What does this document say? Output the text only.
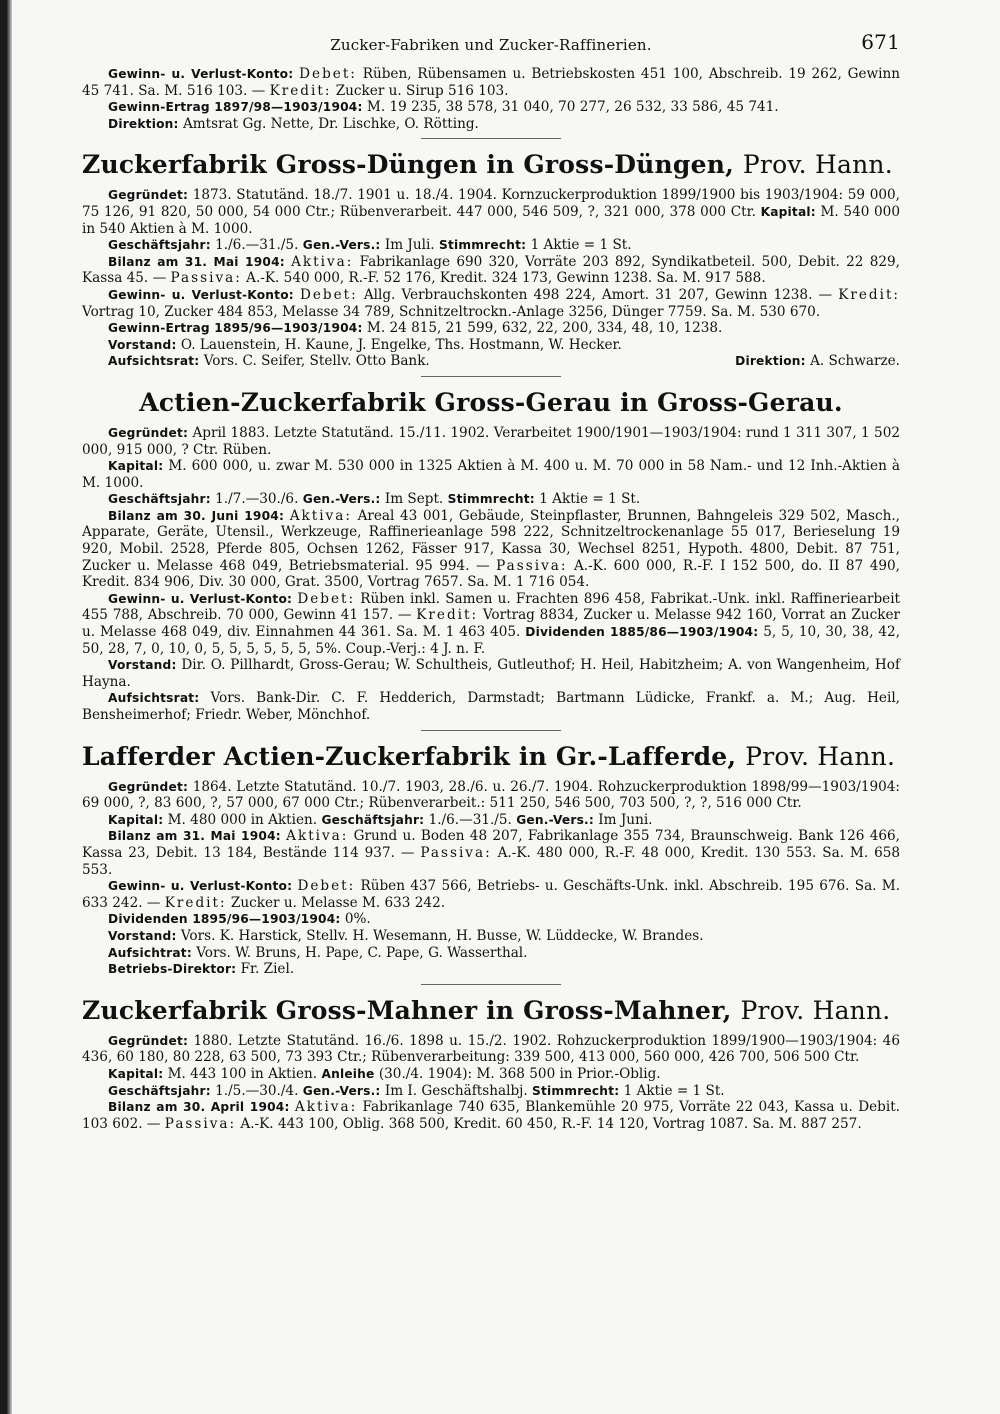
Zucker-Fabriken und Zucker-Raffinerien.	671

Gewinn- u. Verlust-Konto: Debet: Rüben, Rübensamen u. Betriebskosten 451 100, Abschreib. 19 262, Gewinn 45 741. Sa. M. 516 103. — Kredit: Zucker u. Sirup 516 103.

Gewinn-Ertrag 1897/98—1903/1904: M. 19 235, 38 578, 31 040, 70 277, 26 532, 33 586, 45 741.

Direktion: Amtsrat Gg. Nette, Dr. Lischke, O. Rötting.

Zuckerfabrik Gross-Düngen in Gross-Düngen, Prov. Hann.

Gegründet: 1873. Statutänd. 18./7. 1901 u. 18./4. 1904. Kornzuckerproduktion 1899/1900 bis 1903/1904: 59 000, 75 126, 91 820, 50 000, 54 000 Ctr.; Rübenverarbeit. 447 000, 546 509, ?, 321 000, 378 000 Ctr. Kapital: M. 540 000 in 540 Aktien à M. 1000.

Geschäftsjahr: 1./6.—31./5. Gen.-Vers.: Im Juli. Stimmrecht: 1 Aktie = 1 St.

Bilanz am 31. Mai 1904: Aktiva: Fabrikanlage 690 320, Vorräte 203 892, Syndikatbeteil. 500, Debit. 22 829, Kassa 45. — Passiva: A.-K. 540 000, R.-F. 52 176, Kredit. 324 173, Gewinn 1238. Sa. M. 917 588.

Gewinn- u. Verlust-Konto: Debet: Allg. Verbrauchskonten 498 224, Amort. 31 207, Gewinn 1238. — Kredit: Vortrag 10, Zucker 484 853, Melasse 34 789, Schnitzeltrockn.-Anlage 3256, Dünger 7759. Sa. M. 530 670.

Gewinn-Ertrag 1895/96—1903/1904: M. 24 815, 21 599, 632, 22, 200, 334, 48, 10, 1238.

Vorstand: O. Lauenstein, H. Kaune, J. Engelke, Ths. Hostmann, W. Hecker.

Aufsichtsrat: Vors. C. Seifer, Stellv. Otto Bank.	Direktion: A. Schwarze.

Actien-Zuckerfabrik Gross-Gerau in Gross-Gerau.

Gegründet: April 1883. Letzte Statutänd. 15./11. 1902. Verarbeitet 1900/1901—1903/1904: rund 1 311 307, 1 502 000, 915 000, ? Ctr. Rüben.

Kapital: M. 600 000, u. zwar M. 530 000 in 1325 Aktien à M. 400 u. M. 70 000 in 58 Nam.- und 12 Inh.-Aktien à M. 1000.

Geschäftsjahr: 1./7.—30./6. Gen.-Vers.: Im Sept. Stimmrecht: 1 Aktie = 1 St.

Bilanz am 30. Juni 1904: Aktiva: Areal 43 001, Gebäude, Steinpflaster, Brunnen, Bahngeleis 329 502, Masch., Apparate, Geräte, Utensil., Werkzeuge, Raffinerieanlage 598 222, Schnitzeltrockenanlage 55 017, Berieselung 19 920, Mobil. 2528, Pferde 805, Ochsen 1262, Fässer 917, Kassa 30, Wechsel 8251, Hypoth. 4800, Debit. 87 751, Zucker u. Melasse 468 049, Betriebsmaterial. 95 994. — Passiva: A.-K. 600 000, R.-F. I 152 500, do. II 87 490, Kredit. 834 906, Div. 30 000, Grat. 3500, Vortrag 7657. Sa. M. 1 716 054.

Gewinn- u. Verlust-Konto: Debet: Rüben inkl. Samen u. Frachten 896 458, Fabrikat.-Unk. inkl. Raffineriearbeit 455 788, Abschreib. 70 000, Gewinn 41 157. — Kredit: Vortrag 8834, Zucker u. Melasse 942 160, Vorrat an Zucker u. Melasse 468 049, div. Einnahmen 44 361. Sa. M. 1 463 405. Dividenden 1885/86—1903/1904: 5, 5, 10, 30, 38, 42, 50, 28, 7, 0, 10, 0, 5, 5, 5, 5, 5, 5, 5%. Coup.-Verj.: 4 J. n. F.

Vorstand: Dir. O. Pillhardt, Gross-Gerau; W. Schultheis, Gutleuthof; H. Heil, Habitzheim; A. von Wangenheim, Hof Hayna.

Aufsichtsrat: Vors. Bank-Dir. C. F. Hedderich, Darmstadt; Bartmann Lüdicke, Frankf. a. M.; Aug. Heil, Bensheimerhof; Friedr. Weber, Mönchhof.

Lafferder Actien-Zuckerfabrik in Gr.-Lafferde, Prov. Hann.

Gegründet: 1864. Letzte Statutänd. 10./7. 1903, 28./6. u. 26./7. 1904. Rohzuckerproduktion 1898/99—1903/1904: 69 000, ?, 83 600, ?, 57 000, 67 000 Ctr.; Rübenverarbeit.: 511 250, 546 500, 703 500, ?, ?, 516 000 Ctr.

Kapital: M. 480 000 in Aktien. Geschäftsjahr: 1./6.—31./5. Gen.-Vers.: Im Juni.

Bilanz am 31. Mai 1904: Aktiva: Grund u. Boden 48 207, Fabrikanlage 355 734, Braunschweig. Bank 126 466, Kassa 23, Debit. 13 184, Bestände 114 937. — Passiva: A.-K. 480 000, R.-F. 48 000, Kredit. 130 553. Sa. M. 658 553.

Gewinn- u. Verlust-Konto: Debet: Rüben 437 566, Betriebs- u. Geschäfts-Unk. inkl. Abschreib. 195 676. Sa. M. 633 242. — Kredit: Zucker u. Melasse M. 633 242.

Dividenden 1895/96—1903/1904: 0%.

Vorstand: Vors. K. Harstick, Stellv. H. Wesemann, H. Busse, W. Lüddecke, W. Brandes.

Aufsichtrat: Vors. W. Bruns, H. Pape, C. Pape, G. Wasserthal.

Betriebs-Direktor: Fr. Ziel.

Zuckerfabrik Gross-Mahner in Gross-Mahner, Prov. Hann.

Gegründet: 1880. Letzte Statutänd. 16./6. 1898 u. 15./2. 1902. Rohzuckerproduktion 1899/1900—1903/1904: 46 436, 60 180, 80 228, 63 500, 73 393 Ctr.; Rübenverarbeitung: 339 500, 413 000, 560 000, 426 700, 506 500 Ctr.

Kapital: M. 443 100 in Aktien. Anleihe (30./4. 1904): M. 368 500 in Prior.-Oblig.

Geschäftsjahr: 1./5.—30./4. Gen.-Vers.: Im I. Geschäftshalbj. Stimmrecht: 1 Aktie = 1 St.

Bilanz am 30. April 1904: Aktiva: Fabrikanlage 740 635, Blankemühle 20 975, Vorräte 22 043, Kassa u. Debit. 103 602. — Passiva: A.-K. 443 100, Oblig. 368 500, Kredit. 60 450, R.-F. 14 120, Vortrag 1087. Sa. M. 887 257.
